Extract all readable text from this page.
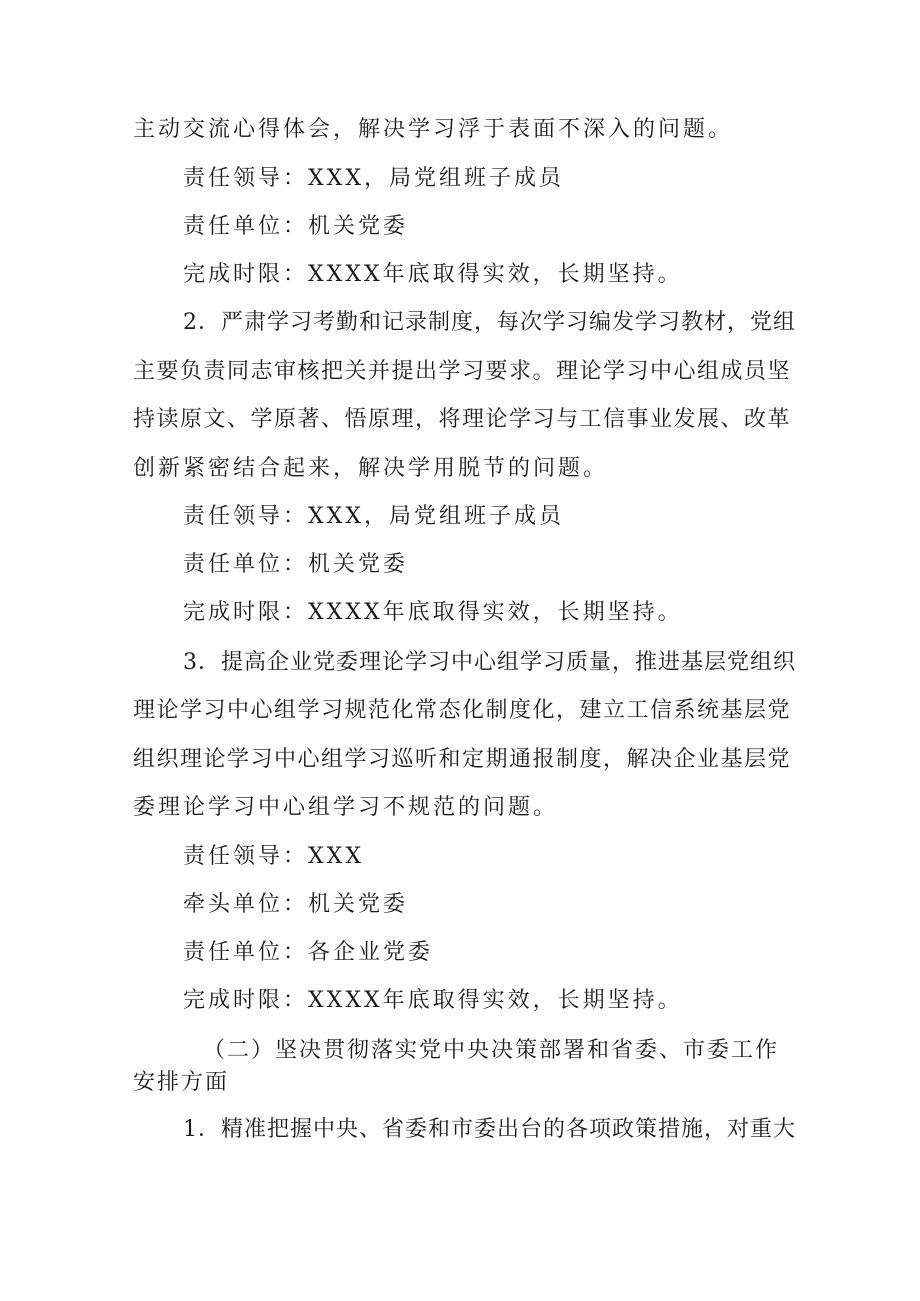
主动交流心得体会，解决学习浮于表面不深入的问题。
责任领导：XXX，局党组班子成员
责任单位：机关党委
完成时限：XXXX年底取得实效，长期坚持。
2．严肃学习考勤和记录制度，每次学习编发学习教材，党组
主要负责同志审核把关并提出学习要求。理论学习中心组成员坚
持读原文、学原著、悟原理，将理论学习与工信事业发展、改革
创新紧密结合起来，解决学用脱节的问题。
责任领导：XXX，局党组班子成员
责任单位：机关党委
完成时限：XXXX年底取得实效，长期坚持。
3．提高企业党委理论学习中心组学习质量，推进基层党组织
理论学习中心组学习规范化常态化制度化，建立工信系统基层党
组织理论学习中心组学习巡听和定期通报制度，解决企业基层党
委理论学习中心组学习不规范的问题。
责任领导：XXX
牵头单位：机关党委
责任单位：各企业党委
完成时限：XXXX年底取得实效，长期坚持。
（二）坚决贯彻落实党中央决策部署和省委、市委工作
安排方面
1．精准把握中央、省委和市委出台的各项政策措施，对重大
